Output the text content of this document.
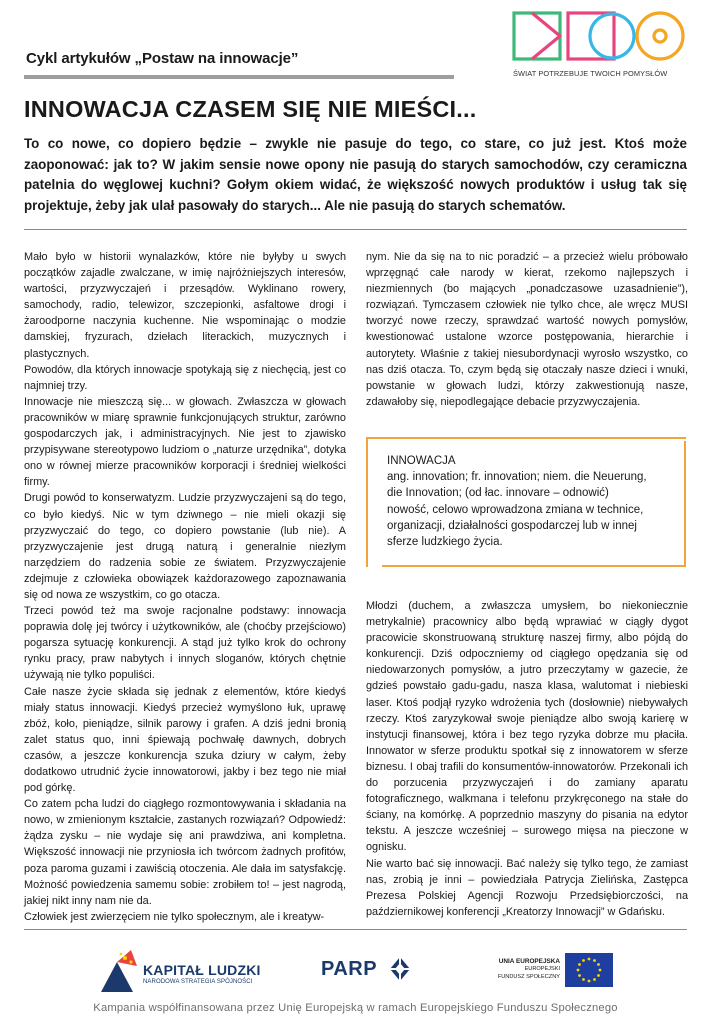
Cykl artykułów „Postaw na innowacje”
ŚWIAT POTRZEBUJE TWOICH POMYSŁÓW
INNOWACJA CZASEM SIĘ NIE MIEŚCI...
To co nowe, co dopiero będzie – zwykle nie pasuje do tego, co stare, co już jest. Ktoś może zaoponować: jak to? W jakim sensie nowe opony nie pasują do starych samochodów, czy ceramiczna patelnia do węglowej kuchni? Gołym okiem widać, że większość nowych produktów i usług tak się projektuje, żeby jak ulał pasowały do starych... Ale nie pasują do starych schematów.

Mało było w historii wynalazków, które nie byłyby u swych początków zajadle zwalczane, w imię najróżniejszych interesów, wartości, przyzwyczajeń i przesądów. Wyklinano rowery, samochody, radio, telewizor, szczepionki, asfaltowe drogi i żaroodporne naczynia kuchenne. Nie wspominając o modzie damskiej, fryzurach, dziełach literackich, muzycznych i plastycznych.

Powodów, dla których innowacje spotykają się z niechęcią, jest co najmniej trzy.

Innowacje nie mieszczą się... w głowach. Zwłaszcza w głowach pracowników w miarę sprawnie funkcjonujących struktur, zarówno gospodarczych jak, i administracyjnych. Nie jest to zjawisko przypisywane stereotypowo ludziom o „naturze urzędnika”, dotyka ono w równej mierze pracowników korporacji i średniej wielkości firmy.

Drugi powód to konserwatyzm. Ludzie przyzwyczajeni są do tego, co było kiedyś. Nic w tym dziwnego – nie mieli okazji się przyzwyczaić do tego, co dopiero powstanie (lub nie). A przyzwyczajenie jest drugą naturą i generalnie niezłym narzędziem do radzenia sobie ze światem. Przyzwyczajenie zdejmuje z człowieka obowiązek każdorazowego zapoznawania się od nowa ze wszystkim, co go otacza.

Trzeci powód też ma swoje racjonalne podstawy: innowacja poprawia dolę jej twórcy i użytkowników, ale (choćby przejściowo) pogarsza sytuację konkurencji. A stąd już tylko krok do ochrony rynku pracy, praw nabytych i innych sloganów, których chętnie używają nie tylko populiści.

Całe nasze życie składa się jednak z elementów, które kiedyś miały status innowacji. Kiedyś przecież wymyślono łuk, uprawę zbóż, koło, pieniądze, silnik parowy i grafen. A dziś jedni bronią zalet status quo, inni śpiewają pochwałę dawnych, dobrych czasów, a jeszcze konkurencja szuka dziury w całym, żeby dodatkowo utrudnić życie innowatorowi, jakby i bez tego nie miał pod górkę.

Co zatem pcha ludzi do ciągłego rozmontowywania i składania na nowo, w zmienionym kształcie, zastanych rozwiązań? Odpowiedź: żądza zysku – nie wydaje się ani prawdziwa, ani kompletna. Większość innowacji nie przyniosła ich twórcom żadnych profitów, poza paroma guzami i zawiścią otoczenia. Ale dała im satysfakcję. Możność powiedzenia samemu sobie: zrobiłem to! – jest nagrodą, jakiej nikt inny nam nie da.

Człowiek jest zwierzęciem nie tylko społecznym, ale i kreatyw-

nym. Nie da się na to nic poradzić – a przecież wielu próbowało wprzęgnąć całe narody w kierat, rzekomo najlepszych i niezmiennych (bo mających „ponadczasowe uzasadnienie”), rozwiązań. Tymczasem człowiek nie tylko chce, ale wręcz MUSI tworzyć nowe rzeczy, sprawdzać wartość nowych pomysłów, kwestionować ustalone wzorce postępowania, hierarchie i autorytety. Właśnie z takiej niesubordynacji wyrosło wszystko, co nas dziś otacza. To, czym będą się otaczały nasze dzieci i wnuki, powstanie w głowach ludzi, którzy zakwestionują nasze, zdawałoby się, niepodlegające debacie przyzwyczajenia.

INNOWACJA

ang. innovation; fr. innovation; niem. die Neuerung,

die Innovation; (od łac. innovare – odnowić)

nowość, celowo wprowadzona zmiana w technice,

organizacji, działalności gospodarczej lub w innej

sferze ludzkiego życia.

Młodzi (duchem, a zwłaszcza umysłem, bo niekoniecznie metrykalnie) pracownicy albo będą wprawiać w ciągły dygot pracowicie skonstruowaną strukturę naszej firmy, albo pójdą do konkurencji. Dziś odpoczniemy od ciągłego opędzania się od niedowarzonych pomysłów, a jutro przeczytamy w gazecie, że gdzieś powstało gadu-gadu, nasza klasa, walutomat i niebieski laser. Ktoś podjął ryzyko wdrożenia tych (dosłownie) niebywałych rzeczy. Ktoś zaryzykował swoje pieniądze albo swoją karierę w instytucji finansowej, która i bez tego ryzyka dobrze mu płaciła. Innowator w sferze produktu spotkał się z innowatorem w sferze biznesu. I obaj trafili do konsumentów-innowatorów. Przekonali ich do porzucenia przyzwyczajeń i do zamiany aparatu fotograficznego, walkmana i telefonu przykręconego na stałe do ściany, na komórkę. A poprzednio maszyny do pisania na edytor tekstu. A jeszcze wcześniej – surowego mięsa na pieczone w ognisku.

Nie warto bać się innowacji. Bać należy się tylko tego, że zamiast nas, zrobią je inni – powiedziała Patrycja Zielińska, Zastępca Prezesa Polskiej Agencji Rozwoju Przedsiębiorczości, na październikowej konferencji „Kreatorzy Innowacji” w Gdańsku.

KAPITAŁ LUDZKI
NARODOWA STRATEGIA SPÓJNOŚCI
PARP	UNIA EUROPEJSKA
EUROPEJSKI
FUNDUSZ SPOŁECZNY
Kampania współfinansowana przez Unię Europejską w ramach Europejskiego Funduszu Społecznego
